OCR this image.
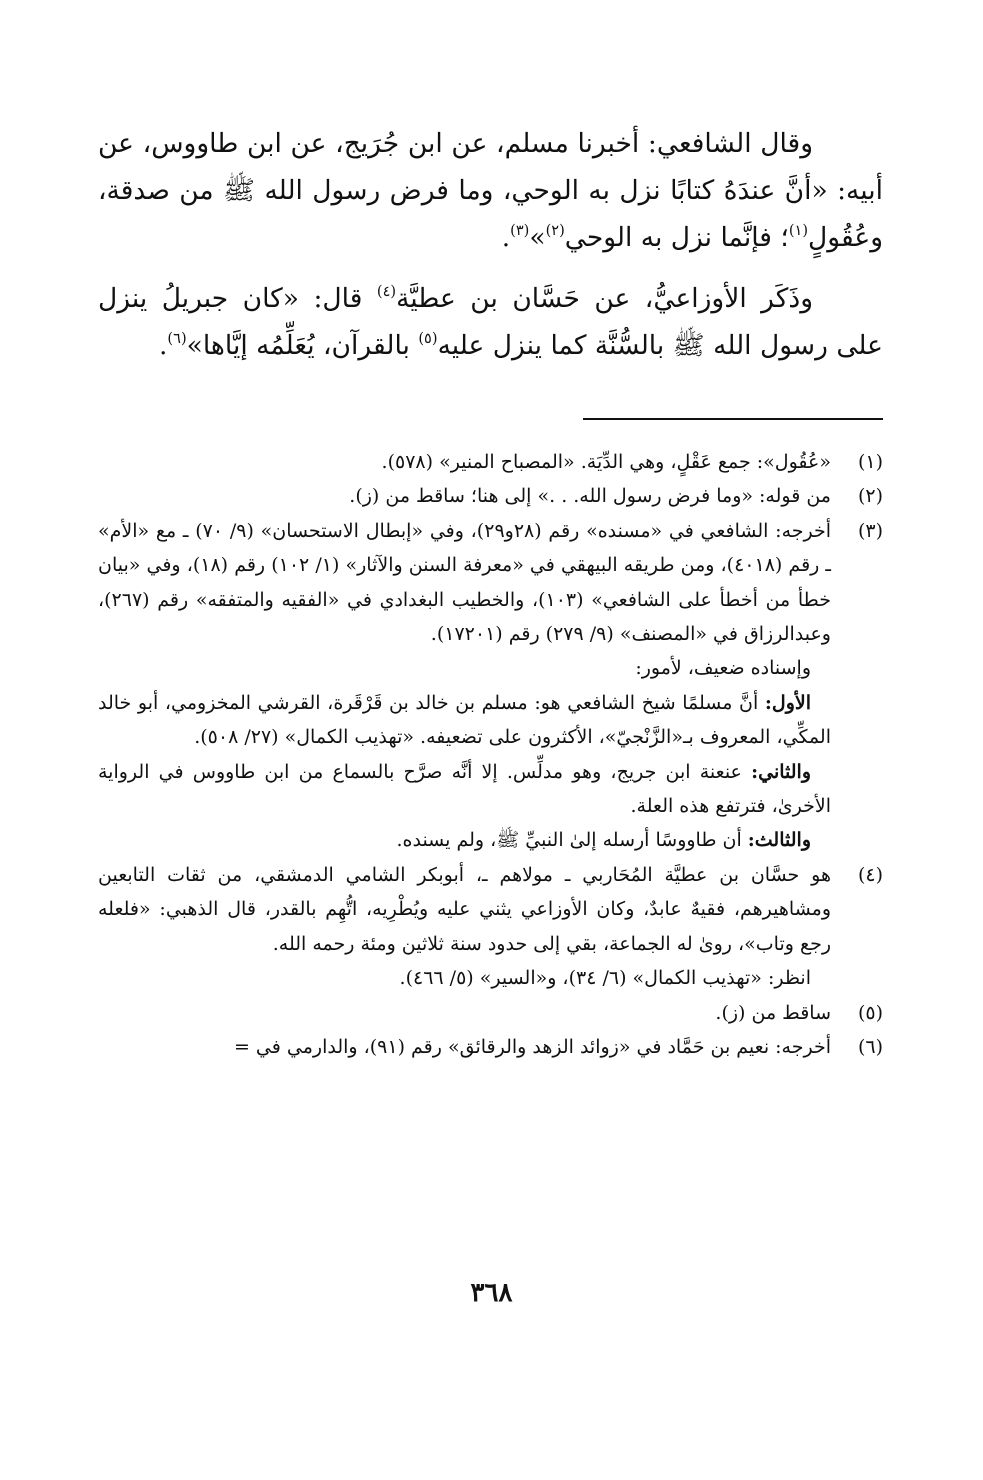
وقال الشافعي: أخبرنا مسلم، عن ابن جُرَيج، عن ابن طاووس، عن أبيه: «أنَّ عندَهُ كتابًا نزل به الوحي، وما فرض رسول الله ﷺ من صدقة، وعُقُولٍ$^{(١)}$؛ فإنَّما نزل به الوحي$^{(٢)}$»$^{(٣)}$.

وذَكَر الأوزاعيُّ، عن حَسَّان بن عطيَّة$^{(٤)}$ قال: «كان جبريلُ ينزل على رسول الله ﷺ بالسُّنَّة كما ينزل عليه$^{(٥)}$ بالقرآن، يُعَلِّمُه إيَّاها»$^{(٦)}$.

(١)

«عُقُول»: جمع عَقْلٍ، وهي الدِّيَة. «المصباح المنير» (٥٧٨).

(٢)

من قوله: «وما فرض رسول الله. . .» إلى هنا؛ ساقط من (ز).

(٣)

أخرجه: الشافعي في «مسنده» رقم (٢٨و٢٩)، وفي «إبطال الاستحسان» (٩/ ٧٠) ـ مع «الأم» ـ رقم (٤٠١٨)، ومن طريقه البيهقي في «معرفة السنن والآثار» (١/ ١٠٢) رقم (١٨)، وفي «بيان خطأ من أخطأ على الشافعي» (١٠٣)، والخطيب البغدادي في «الفقيه والمتفقه» رقم (٢٦٧)، وعبدالرزاق في «المصنف» (٩/ ٢٧٩) رقم (١٧٢٠١).

وإسناده ضعيف، لأمور:

الأول: أنَّ مسلمًا شيخ الشافعي هو: مسلم بن خالد بن قَرْقَرة، القرشي المخزومي، أبو خالد المكِّي، المعروف بـ«الزَّنْجيّ»، الأكثرون على تضعيفه. «تهذيب الكمال» (٢٧/ ٥٠٨).

والثاني: عنعنة ابن جريج، وهو مدلِّس. إلا أنَّه صرَّح بالسماع من ابن طاووس في الرواية الأخرىٰ، فترتفع هذه العلة.

والثالث: أن طاووسًا أرسله إلىٰ النبيِّ ﷺ، ولم يسنده.

(٤)

هو حسَّان بن عطيَّة المُحَاربي ـ مولاهم ـ، أبوبكر الشامي الدمشقي، من ثقات التابعين ومشاهيرهم، فقيهٌ عابدٌ، وكان الأوزاعي يثني عليه ويُطْرِيه، اتُّهِم بالقدر، قال الذهبي: «فلعله رجع وتاب»، روىٰ له الجماعة، بقي إلى حدود سنة ثلاثين ومئة رحمه الله.

انظر: «تهذيب الكمال» (٦/ ٣٤)، و«السير» (٥/ ٤٦٦).

(٥)

ساقط من (ز).

(٦)

أخرجه: نعيم بن حَمَّاد في «زوائد الزهد والرقائق» رقم (٩١)، والدارمي في =

٣٦٨
